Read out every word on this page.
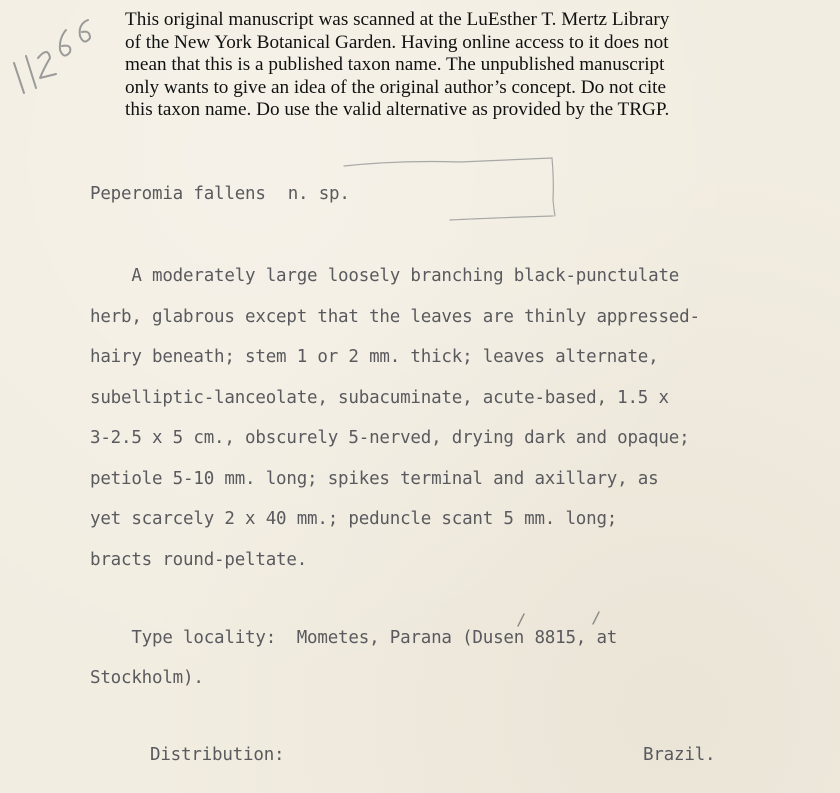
This original manuscript was scanned at the LuEsther T. Mertz Library
of the New York Botanical Garden. Having online access to it does not
mean that this is a published taxon name. The unpublished manuscript
only wants to give an idea of the original author’s concept. Do not cite
this taxon name. Do use the valid alternative as provided by the TRGP.
Peperomia fallens n. sp.
A moderately large loosely branching black-punctulate
herb, glabrous except that the leaves are thinly appressed-
hairy beneath; stem 1 or 2 mm. thick; leaves alternate,
subelliptic-lanceolate, subacuminate, acute-based, 1.5 x
3-2.5 x 5 cm., obscurely 5-nerved, drying dark and opaque;
petiole 5-10 mm. long; spikes terminal and axillary, as
yet scarcely 2 x 40 mm.; peduncle scant 5 mm. long;
bracts round-peltate.
Type locality:  Mometes, Parana (Dusen 8815, at
Stockholm).
Distribution:	Brazil.
